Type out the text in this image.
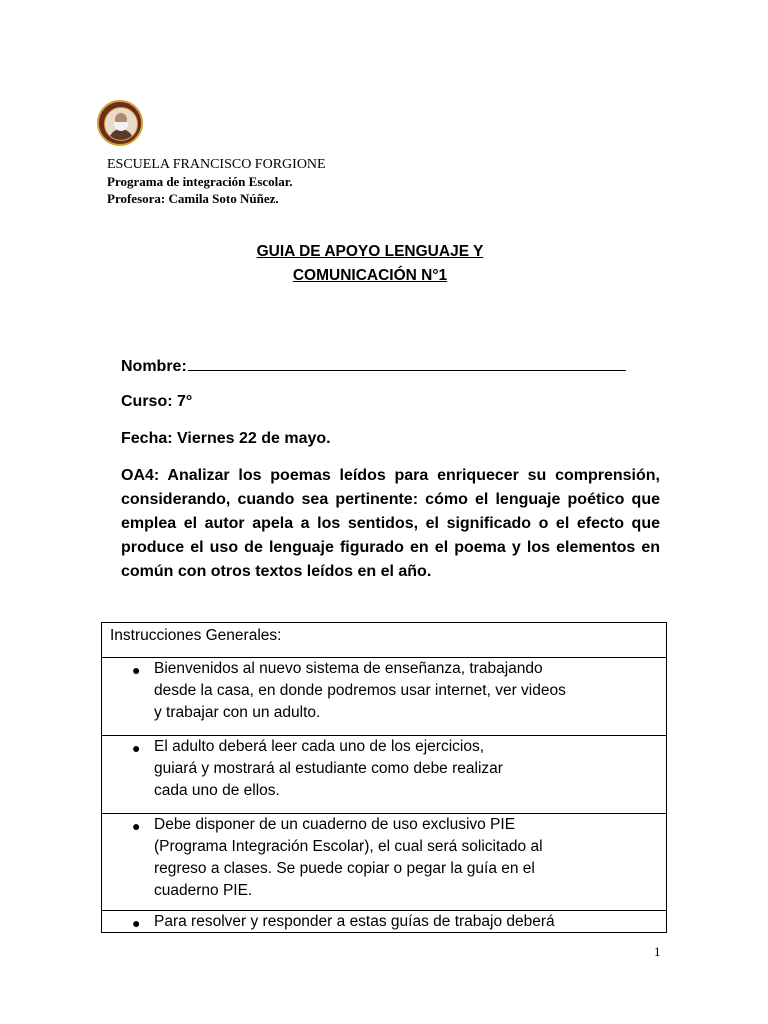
ESCUELA FRANCISCO FORGIONE
Programa de integración Escolar.
Profesora: Camila Soto Núñez.
GUIA DE APOYO LENGUAJE Y
COMUNICACIÓN N°1
Nombre:
Curso: 7°
Fecha: Viernes 22 de mayo.
OA4: Analizar los poemas leídos para enriquecer su comprensión, considerando, cuando sea pertinente: cómo el lenguaje poético que emplea el autor apela a los sentidos, el significado o el efecto que produce el uso de lenguaje figurado en el poema y los elementos en común con otros textos leídos en el año.
Instrucciones Generales:
● Bienvenidos al nuevo sistema de enseñanza, trabajando
desde la casa, en donde podremos usar internet, ver videos
y trabajar con un adulto.
● El adulto deberá leer cada uno de los ejercicios,
guiará y mostrará al estudiante como debe realizar
cada uno de ellos.
● Debe disponer de un cuaderno de uso exclusivo PIE
(Programa Integración Escolar), el cual será solicitado al
regreso a clases. Se puede copiar o pegar la guía en el
cuaderno PIE.
● Para resolver y responder a estas guías de trabajo deberá
1
